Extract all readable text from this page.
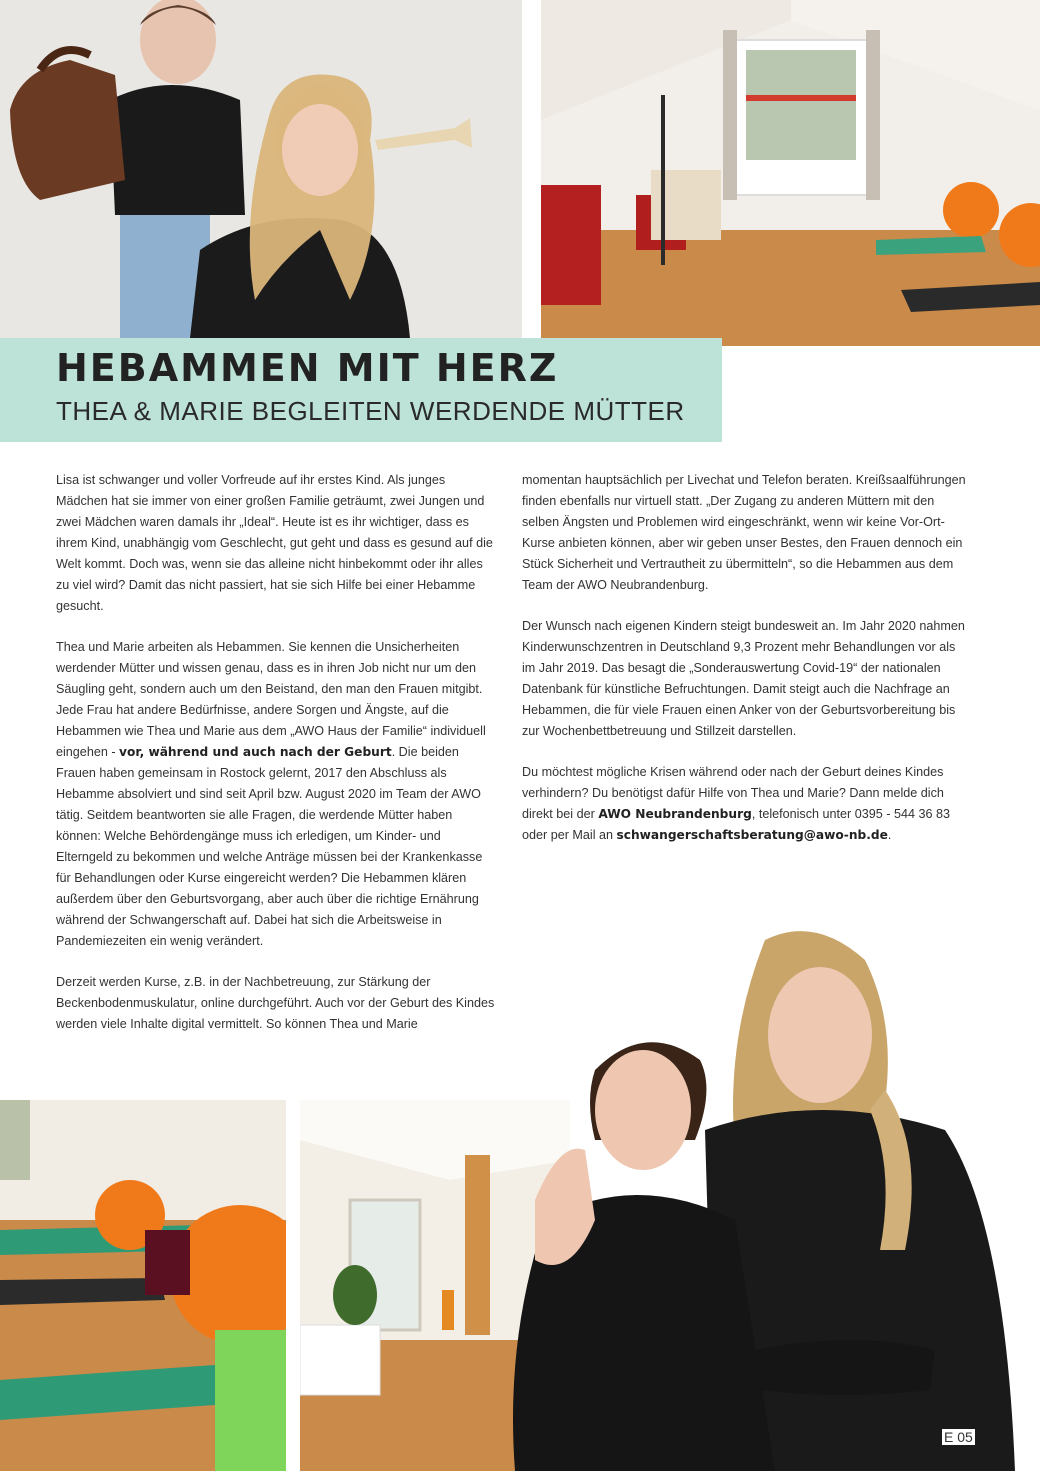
HEBAMMEN MIT HERZ
THEA & MARIE BEGLEITEN WERDENDE MÜTTER

Lisa ist schwanger und voller Vorfreude auf ihr erstes Kind. Als junges Mädchen hat sie immer von einer großen Familie geträumt, zwei Jungen und zwei Mädchen waren damals ihr „Ideal“. Heute ist es ihr wichtiger, dass es ihrem Kind, unabhängig vom Geschlecht, gut geht und dass es gesund auf die Welt kommt. Doch was, wenn sie das alleine nicht hinbekommt oder ihr alles zu viel wird? Damit das nicht passiert, hat sie sich Hilfe bei einer Hebamme gesucht.

Thea und Marie arbeiten als Hebammen. Sie kennen die Unsicherheiten werdender Mütter und wissen genau, dass es in ihren Job nicht nur um den Säugling geht, sondern auch um den Beistand, den man den Frauen mitgibt. Jede Frau hat andere Bedürfnisse, andere Sorgen und Ängste, auf die Hebammen wie Thea und Marie aus dem „AWO Haus der Familie“ individuell eingehen - vor, während und auch nach der Geburt. Die beiden Frauen haben gemeinsam in Rostock gelernt, 2017 den Abschluss als Hebamme absolviert und sind seit April bzw. August 2020 im Team der AWO tätig. Seitdem beantworten sie alle Fragen, die werdende Mütter haben können: Welche Behördengänge muss ich erledigen, um Kinder- und Elterngeld zu bekommen und welche Anträge müssen bei der Krankenkasse für Behandlungen oder Kurse eingereicht werden? Die Hebammen klären außerdem über den Geburtsvorgang, aber auch über die richtige Ernährung während der Schwangerschaft auf. Dabei hat sich die Arbeitsweise in Pandemiezeiten ein wenig verändert.

Derzeit werden Kurse, z.B. in der Nachbetreuung, zur Stärkung der Beckenbodenmuskulatur, online durchgeführt. Auch vor der Geburt des Kindes werden viele Inhalte digital vermittelt. So können Thea und Marie

momentan hauptsächlich per Livechat und Telefon beraten. Kreißsaalführungen finden ebenfalls nur virtuell statt. „Der Zugang zu anderen Müttern mit den selben Ängsten und Problemen wird eingeschränkt, wenn wir keine Vor-Ort-Kurse anbieten können, aber wir geben unser Bestes, den Frauen dennoch ein Stück Sicherheit und Vertrautheit zu übermitteln“, so die Hebammen aus dem Team der AWO Neubrandenburg.

Der Wunsch nach eigenen Kindern steigt bundesweit an. Im Jahr 2020 nahmen Kinderwunschzentren in Deutschland 9,3 Prozent mehr Behandlungen vor als im Jahr 2019. Das besagt die „Sonderauswertung Covid-19“ der nationalen Datenbank für künstliche Befruchtungen. Damit steigt auch die Nachfrage an Hebammen, die für viele Frauen einen Anker von der Geburtsvorbereitung bis zur Wochenbettbetreuung und Stillzeit darstellen.

Du möchtest mögliche Krisen während oder nach der Geburt deines Kindes verhindern? Du benötigst dafür Hilfe von Thea und Marie? Dann melde dich direkt bei der AWO Neubrandenburg, telefonisch unter 0395 - 544 36 83 oder per Mail an schwangerschaftsberatung@awo-nb.de.

E 05
